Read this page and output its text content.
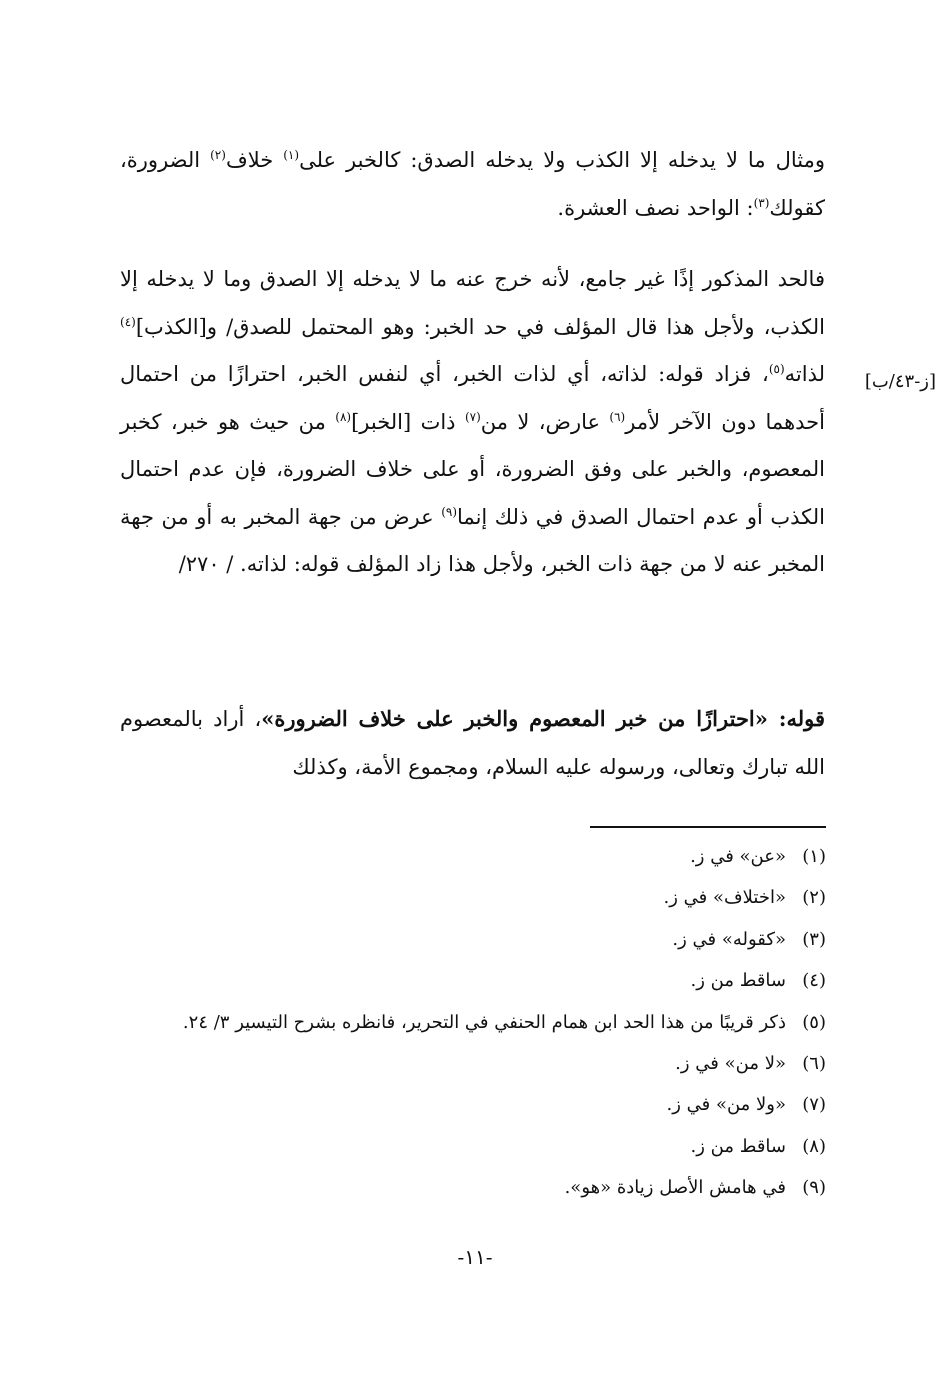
ومثال ما لا يدخله إلا الكذب ولا يدخله الصدق: كالخبر على$^{(١)}$ خلاف$^{(٢)}$ الضرورة، كقولك$^{(٣)}$: الواحد نصف العشرة.

فالحد المذكور إذًا غير جامع، لأنه خرج عنه ما لا يدخله إلا الصدق وما لا يدخله إلا الكذب، ولأجل هذا قال المؤلف في حد الخبر: وهو المحتمل للصدق/ و[الكذب]$^{(٤)}$ لذاته$^{(٥)}$، فزاد قوله: لذاته، أي لذات الخبر، أي لنفس الخبر، احترازًا من احتمال أحدهما دون الآخر لأمر$^{(٦)}$ عارض، لا من$^{(٧)}$ ذات [الخبر]$^{(٨)}$ من حيث هو خبر، كخبر المعصوم، والخبر على وفق الضرورة، أو على خلاف الضرورة، فإن عدم احتمال الكذب أو عدم احتمال الصدق في ذلك إنما$^{(٩)}$ عرض من جهة المخبر به أو من جهة المخبر عنه لا من جهة ذات الخبر، ولأجل هذا زاد المؤلف قوله: لذاته. / ٢٧٠/

[ز-٤٣/ب]

قوله: «احترازًا من خبر المعصوم والخبر على خلاف الضرورة»، أراد بالمعصوم الله تبارك وتعالى، ورسوله عليه السلام، ومجموع الأمة، وكذلك

(١)«عن» في ز.
(٢)«اختلاف» في ز.
(٣)«كقوله» في ز.
(٤)ساقط من ز.
(٥)ذكر قريبًا من هذا الحد ابن همام الحنفي في التحرير، فانظره بشرح التيسير ٣/ ٢٤.
(٦)«لا من» في ز.
(٧)«ولا من» في ز.
(٨)ساقط من ز.
(٩)في هامش الأصل زيادة «هو».
-١١-
